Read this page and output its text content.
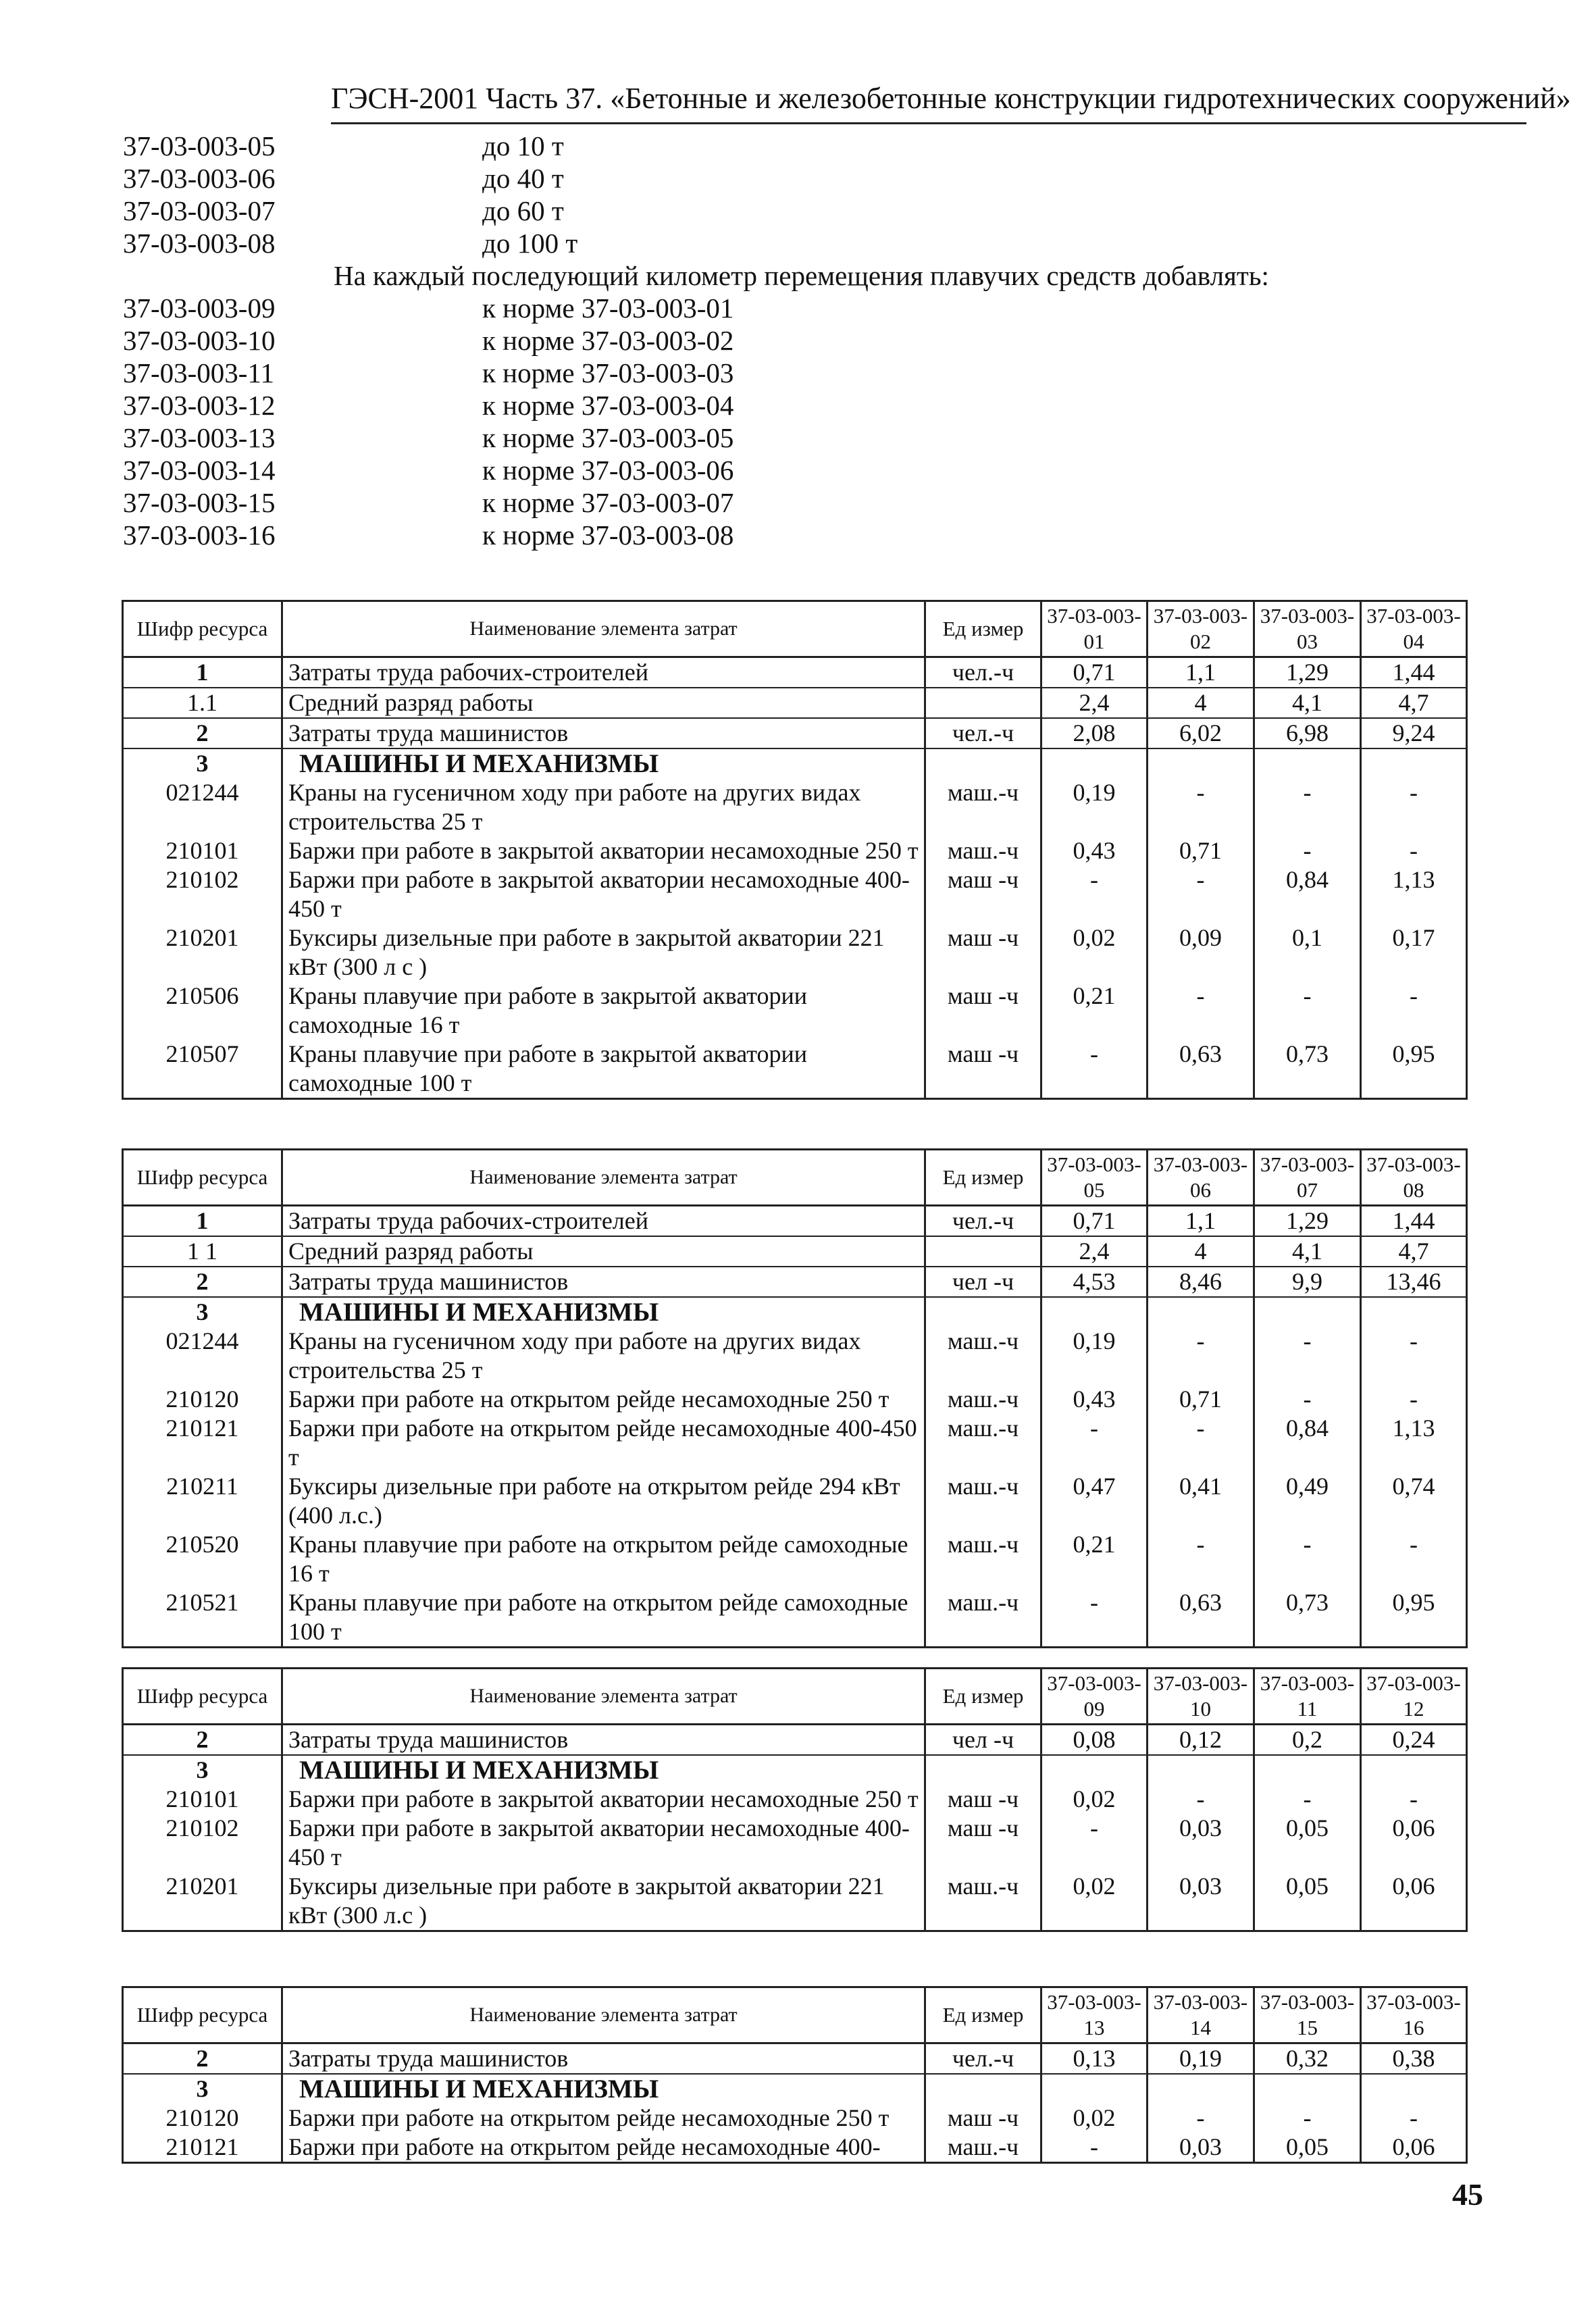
ГЭСН-2001 Часть 37. «Бетонные и железобетонные конструкции гидротехнических сооружений»
37-03-003-05	до 10 т
37-03-003-06	до 40 т
37-03-003-07	до 60 т
37-03-003-08	до 100 т
На каждый последующий километр перемещения плавучих средств добавлять:
37-03-003-09	к норме 37-03-003-01
37-03-003-10	к норме 37-03-003-02
37-03-003-11	к норме 37-03-003-03
37-03-003-12	к норме 37-03-003-04
37-03-003-13	к норме 37-03-003-05
37-03-003-14	к норме 37-03-003-06
37-03-003-15	к норме 37-03-003-07
37-03-003-16	к норме 37-03-003-08
Шифр ресурса	Наименование элемента затрат	Ед измер	37-03-003-01	37-03-003-02	37-03-003-03	37-03-003-04
1	Затраты труда рабочих-строителей	чел.-ч	0,71	1,1	1,29	1,44
1.1	Средний разряд работы		2,4	4	4,1	4,7
2	Затраты труда машинистов	чел.-ч	2,08	6,02	6,98	9,24
3	МАШИНЫ И МЕХАНИЗМЫ					
021244	Краны на гусеничном ходу при работе на других видах строительства 25 т	маш.-ч	0,19	-	-	-
210101	Баржи при работе в закрытой акватории несамоходные 250 т	маш.-ч	0,43	0,71	-	-
210102	Баржи при работе в закрытой акватории несамоходные 400-450 т	маш -ч	-	-	0,84	1,13
210201	Буксиры дизельные при работе в закрытой акватории 221 кВт (300 л с )	маш -ч	0,02	0,09	0,1	0,17
210506	Краны плавучие при работе в закрытой акватории самоходные 16 т	маш -ч	0,21	-	-	-
210507	Краны плавучие при работе в закрытой акватории самоходные 100 т	маш -ч	-	0,63	0,73	0,95
Шифр ресурса	Наименование элемента затрат	Ед измер	37-03-003-05	37-03-003-06	37-03-003-07	37-03-003-08
1	Затраты труда рабочих-строителей	чел.-ч	0,71	1,1	1,29	1,44
1 1	Средний разряд работы		2,4	4	4,1	4,7
2	Затраты труда машинистов	чел -ч	4,53	8,46	9,9	13,46
3	МАШИНЫ И МЕХАНИЗМЫ					
021244	Краны на гусеничном ходу при работе на других видах строительства 25 т	маш.-ч	0,19	-	-	-
210120	Баржи при работе на открытом рейде несамоходные 250 т	маш.-ч	0,43	0,71	-	-
210121	Баржи при работе на открытом рейде несамоходные 400-450 т	маш.-ч	-	-	0,84	1,13
210211	Буксиры дизельные при работе на открытом рейде 294 кВт (400 л.с.)	маш.-ч	0,47	0,41	0,49	0,74
210520	Краны плавучие при работе на открытом рейде самоходные 16 т	маш.-ч	0,21	-	-	-
210521	Краны плавучие при работе на открытом рейде самоходные 100 т	маш.-ч	-	0,63	0,73	0,95
Шифр ресурса	Наименование элемента затрат	Ед измер	37-03-003-09	37-03-003-10	37-03-003-11	37-03-003-12
2	Затраты труда машинистов	чел -ч	0,08	0,12	0,2	0,24
3	МАШИНЫ И МЕХАНИЗМЫ					
210101	Баржи при работе в закрытой акватории несамоходные 250 т	маш -ч	0,02	-	-	-
210102	Баржи при работе в закрытой акватории несамоходные 400-450 т	маш -ч	-	0,03	0,05	0,06
210201	Буксиры дизельные при работе в закрытой акватории 221 кВт (300 л.с )	маш.-ч	0,02	0,03	0,05	0,06
Шифр ресурса	Наименование элемента затрат	Ед измер	37-03-003-13	37-03-003-14	37-03-003-15	37-03-003-16
2	Затраты труда машинистов	чел.-ч	0,13	0,19	0,32	0,38
3	МАШИНЫ И МЕХАНИЗМЫ					
210120	Баржи при работе на открытом рейде несамоходные 250 т	маш -ч	0,02	-	-	-
210121	Баржи при работе на открытом рейде несамоходные 400-	маш.-ч	-	0,03	0,05	0,06
45
